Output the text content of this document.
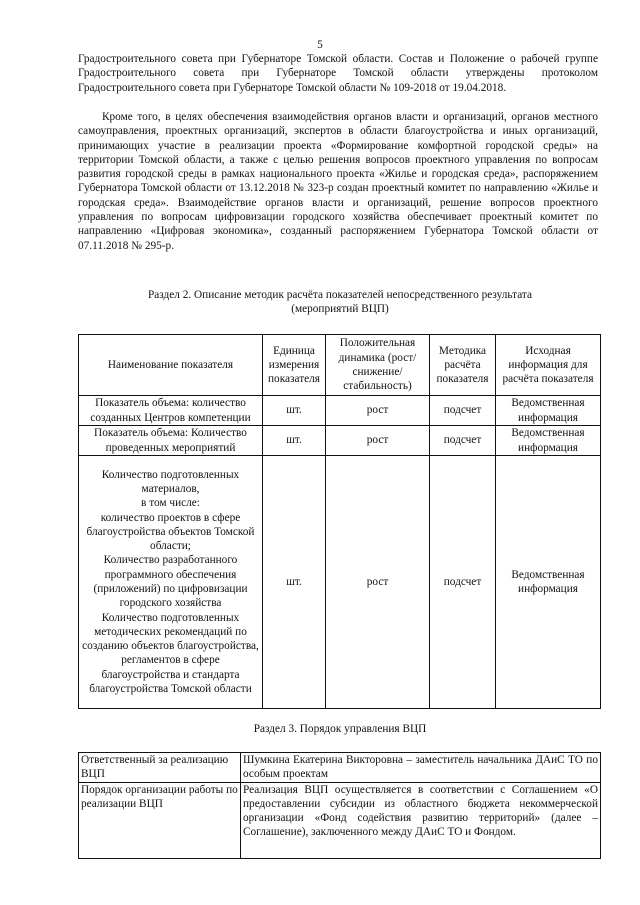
5

Градостроительного совета при Губернаторе Томской области. Состав и Положение о рабочей группе Градостроительного совета при Губернаторе Томской области утверждены протоколом Градостроительного совета при Губернаторе Томской области № 109-2018 от 19.04.2018.

Кроме того, в целях обеспечения взаимодействия органов власти и организаций, органов местного самоуправления, проектных организаций, экспертов в области благоустройства и иных организаций, принимающих участие в реализации проекта «Формирование комфортной городской среды» на территории Томской области, а также с целью решения вопросов проектного управления по вопросам развития городской среды в рамках национального проекта «Жилье и городская среда», распоряжением Губернатора Томской области от 13.12.2018 № 323-р создан проектный комитет по направлению «Жилье и городская среда». Взаимодействие органов власти и организаций, решение вопросов проектного управления по вопросам цифровизации городского хозяйства обеспечивает проектный комитет по направлению «Цифровая экономика», созданный распоряжением Губернатора Томской области от 07.11.2018 № 295-р.

Раздел 2. Описание методик расчёта показателей непосредственного результата
(мероприятий ВЦП)

Наименование показателя	Единица измерения показателя	Положительная динамика (рост/снижение/ стабильность)	Методика расчёта показателя	Исходная информация для расчёта показателя
Показатель объема: количество созданных Центров компетенции	шт.	рост	подсчет	Ведомственная информация
Показатель объема: Количество проведенных мероприятий	шт.	рост	подсчет	Ведомственная информация

Количество подготовленных материалов,
в том числе:
количество проектов в сфере благоустройства объектов Томской области;
Количество разработанного программного обеспечения (приложений) по цифровизации городского хозяйства
Количество подготовленных методических рекомендаций по созданию объектов благоустройства, регламентов в сфере благоустройства и стандарта благоустройства Томской области	шт.	рост	подсчет	Ведомственная информация

Раздел 3. Порядок управления ВЦП

Ответственный за реализацию ВЦП	Шумкина Екатерина Викторовна – заместитель начальника ДАиС ТО по особым проектам
Порядок организации работы по реализации ВЦП	Реализация ВЦП осуществляется в соответствии с Соглашением «О предоставлении субсидии из областного бюджета некоммерческой организации «Фонд содействия развитию территорий» (далее – Соглашение), заключенного между ДАиС ТО и Фондом.
